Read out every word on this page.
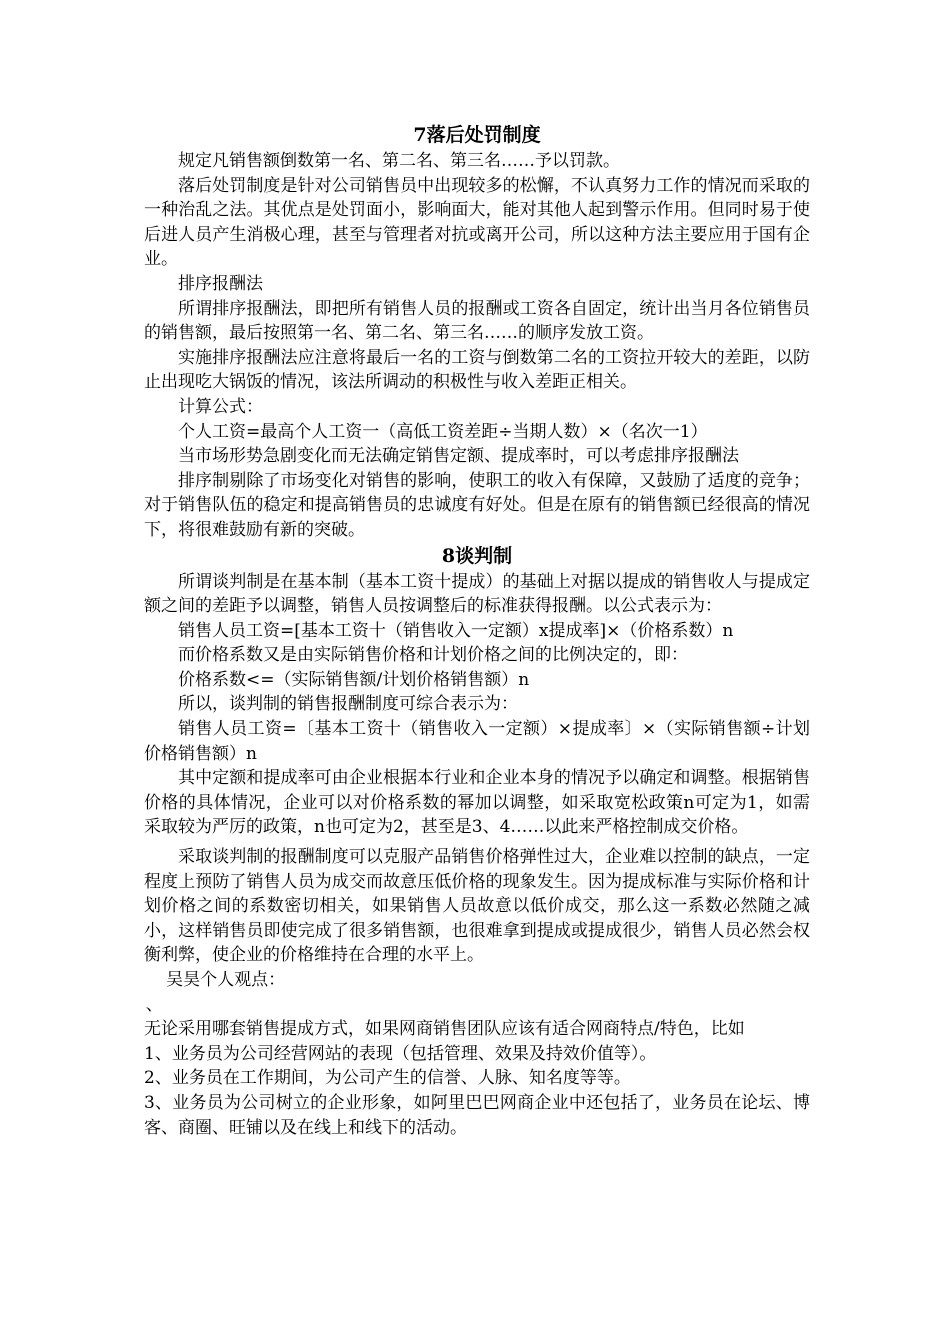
7落后处罚制度

规定凡销售额倒数第一名、第二名、第三名……予以罚款。

落后处罚制度是针对公司销售员中出现较多的松懈，不认真努力工作的情况而采取的一种治乱之法。其优点是处罚面小，影响面大，能对其他人起到警示作用。但同时易于使后进人员产生消极心理，甚至与管理者对抗或离开公司，所以这种方法主要应用于国有企业。

排序报酬法

所谓排序报酬法，即把所有销售人员的报酬或工资各自固定，统计出当月各位销售员的销售额，最后按照第一名、第二名、第三名……的顺序发放工资。

实施排序报酬法应注意将最后一名的工资与倒数第二名的工资拉开较大的差距，以防止出现吃大锅饭的情况，该法所调动的积极性与收入差距正相关。

计算公式：

个人工资=最高个人工资一（高低工资差距÷当期人数）×（名次一1）

当市场形势急剧变化而无法确定销售定额、提成率时，可以考虑排序报酬法

排序制剔除了市场变化对销售的影响，使职工的收入有保障，又鼓励了适度的竞争；对于销售队伍的稳定和提高销售员的忠诚度有好处。但是在原有的销售额已经很高的情况下，将很难鼓励有新的突破。

8谈判制

所谓谈判制是在基本制（基本工资十提成）的基础上对据以提成的销售收人与提成定额之间的差距予以调整，销售人员按调整后的标准获得报酬。以公式表示为：

销售人员工资=[基本工资十（销售收入一定额）x提成率]×（价格系数）n

而价格系数又是由实际销售价格和计划价格之间的比例决定的，即：

价格系数<=（实际销售额/计划价格销售额）n

所以，谈判制的销售报酬制度可综合表示为：

销售人员工资=〔基本工资十（销售收入一定额）×提成率〕×（实际销售额÷计划价格销售额）n

其中定额和提成率可由企业根据本行业和企业本身的情况予以确定和调整。根据销售价格的具体情况，企业可以对价格系数的幂加以调整，如采取宽松政策n可定为1，如需采取较为严厉的政策，n也可定为2，甚至是3、4……以此来严格控制成交价格。

采取谈判制的报酬制度可以克服产品销售价格弹性过大，企业难以控制的缺点，一定程度上预防了销售人员为成交而故意压低价格的现象发生。因为提成标准与实际价格和计划价格之间的系数密切相关，如果销售人员故意以低价成交，那么这一系数必然随之减小，这样销售员即使完成了很多销售额，也很难拿到提成或提成很少，销售人员必然会权衡利弊，使企业的价格维持在合理的水平上。

吴昊个人观点：

、

无论采用哪套销售提成方式，如果网商销售团队应该有适合网商特点/特色，比如

1、业务员为公司经营网站的表现（包括管理、效果及持效价值等）。

2、业务员在工作期间，为公司产生的信誉、人脉、知名度等等。

3、业务员为公司树立的企业形象，如阿里巴巴网商企业中还包括了，业务员在论坛、博客、商圈、旺铺以及在线上和线下的活动。
